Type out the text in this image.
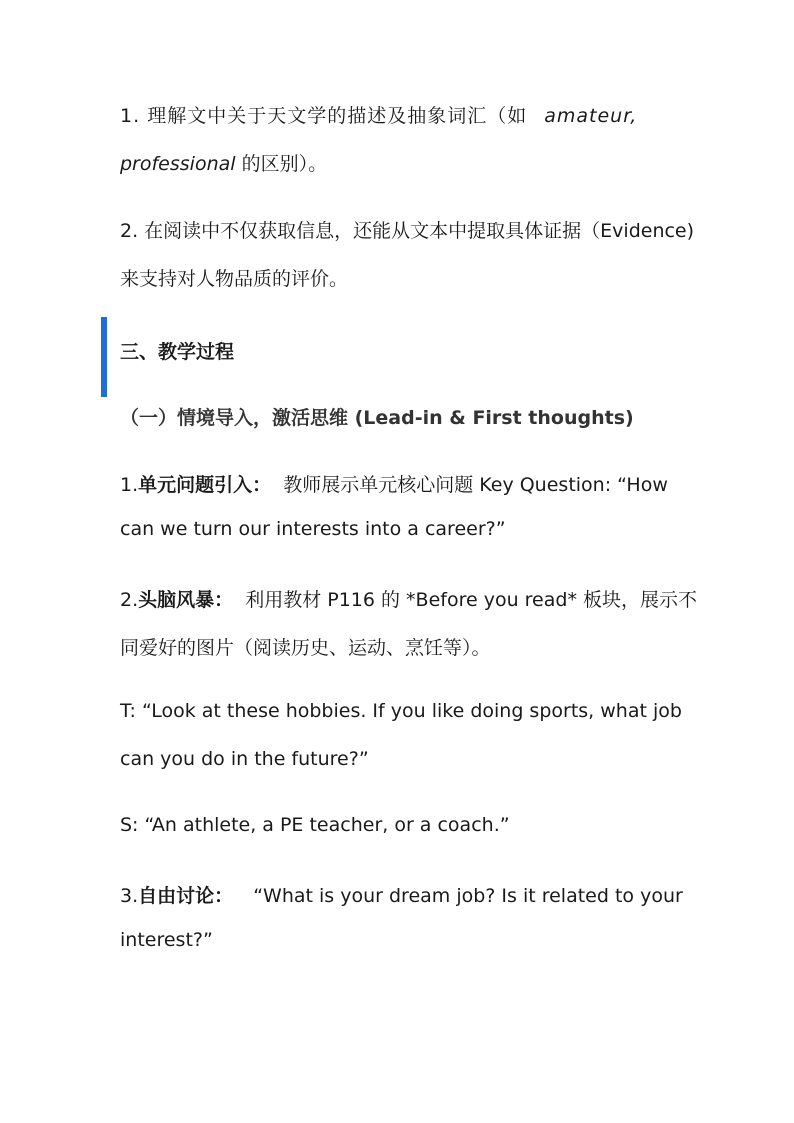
1. 理解文中关于天文学的描述及抽象词汇（如 amateur,
professional 的区别）。
2. 在阅读中不仅获取信息，还能从文本中提取具体证据（Evidence)
来支持对人物品质的评价。
三、教学过程
（一）情境导入，激活思维 (Lead-in & First thoughts)
1.单元问题引入： 教师展示单元核心问题 Key Question: “How
can we turn our interests into a career?”
2.头脑风暴： 利用教材 P116 的 *Before you read* 板块，展示不
同爱好的图片（阅读历史、运动、烹饪等）。
T: “Look at these hobbies. If you like doing sports, what job
can you do in the future?”
S: “An athlete, a PE teacher, or a coach.”
3.自由讨论： “What is your dream job? Is it related to your
interest?”
